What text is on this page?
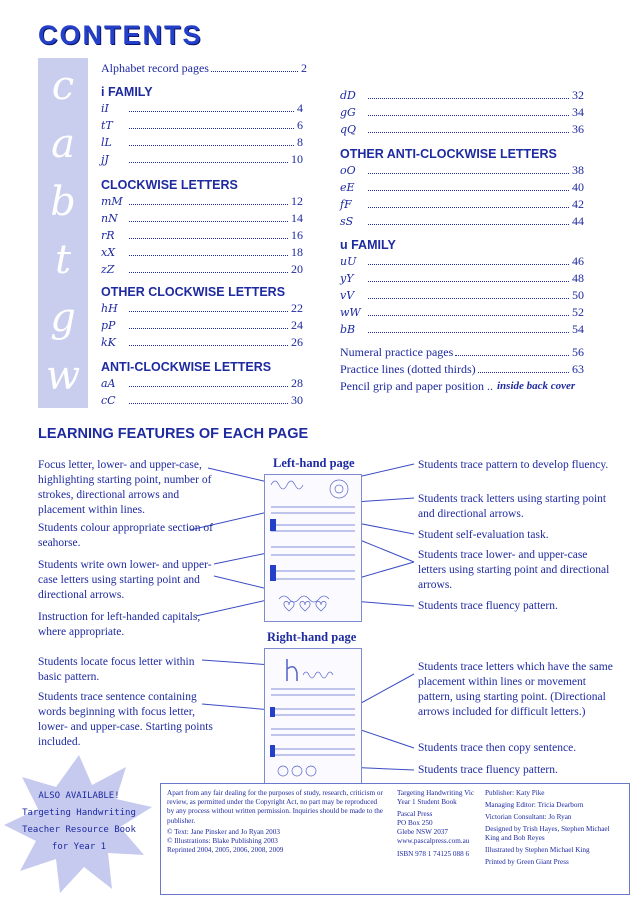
CONTENTS
c
a
b
t
g
w
Alphabet record pages	2
i FAMILY
iI	4
tT	6
lL	8
jJ	10
CLOCKWISE LETTERS
mM	12
nN	14
rR	16
xX	18
zZ	20
OTHER CLOCKWISE LETTERS
hH	22
pP	24
kK	26
ANTI-CLOCKWISE LETTERS
aA	28
cC	30
dD	32
gG	34
qQ	36
OTHER ANTI-CLOCKWISE LETTERS
oO	38
eE	40
fF	42
sS	44
u FAMILY
uU	46
yY	48
vV	50
wW	52
bB	54
Numeral practice pages	56
Practice lines (dotted thirds)	63
Pencil grip and paper position .. inside back cover
LEARNING FEATURES OF EACH PAGE
Focus letter, lower- and upper-case, highlighting starting point, number of strokes, directional arrows and placement within lines.
Students colour appropriate section of seahorse.
Students write own lower- and upper-case letters using starting point and directional arrows.
Instruction for left-handed capitals, where appropriate.
Students trace pattern to develop fluency.
Students track letters using starting point and directional arrows.
Student self-evaluation task.
Students trace lower- and upper-case letters using starting point and directional arrows.
Students trace fluency pattern.
Students locate focus letter within basic pattern.
Students trace sentence containing words beginning with focus letter, lower- and upper-case. Starting points included.
Students trace letters which have the same placement within lines or movement pattern, using starting point. (Directional arrows included for difficult letters.)
Students trace then copy sentence.
Students trace fluency pattern.
Left-hand page
Right-hand page
ALSO AVAILABLE!
Targeting Handwriting
Teacher Resource Book
for Year 1
Apart from any fair dealing for the purposes of study, research, criticism or review, as permitted under the Copyright Act, no part may be reproduced by any process without written permission. Inquiries should be made to the publisher.
© Text: Jane Pinsker and Jo Ryan 2003
© Illustrations: Blake Publishing 2003
Reprinted 2004, 2005, 2006, 2008, 2009
Targeting Handwriting Vic Year 1 Student Book
Pascal Press
PO Box 250
Glebe NSW 2037
www.pascalpress.com.au
ISBN 978 1 74125 088 6
Publisher: Katy Pike
Managing Editor: Tricia Dearborn
Victorian Consultant: Jo Ryan
Designed by Trish Hayes, Stephen Michael King and Bob Reyes
Illustrated by Stephen Michael King
Printed by Green Giant Press
